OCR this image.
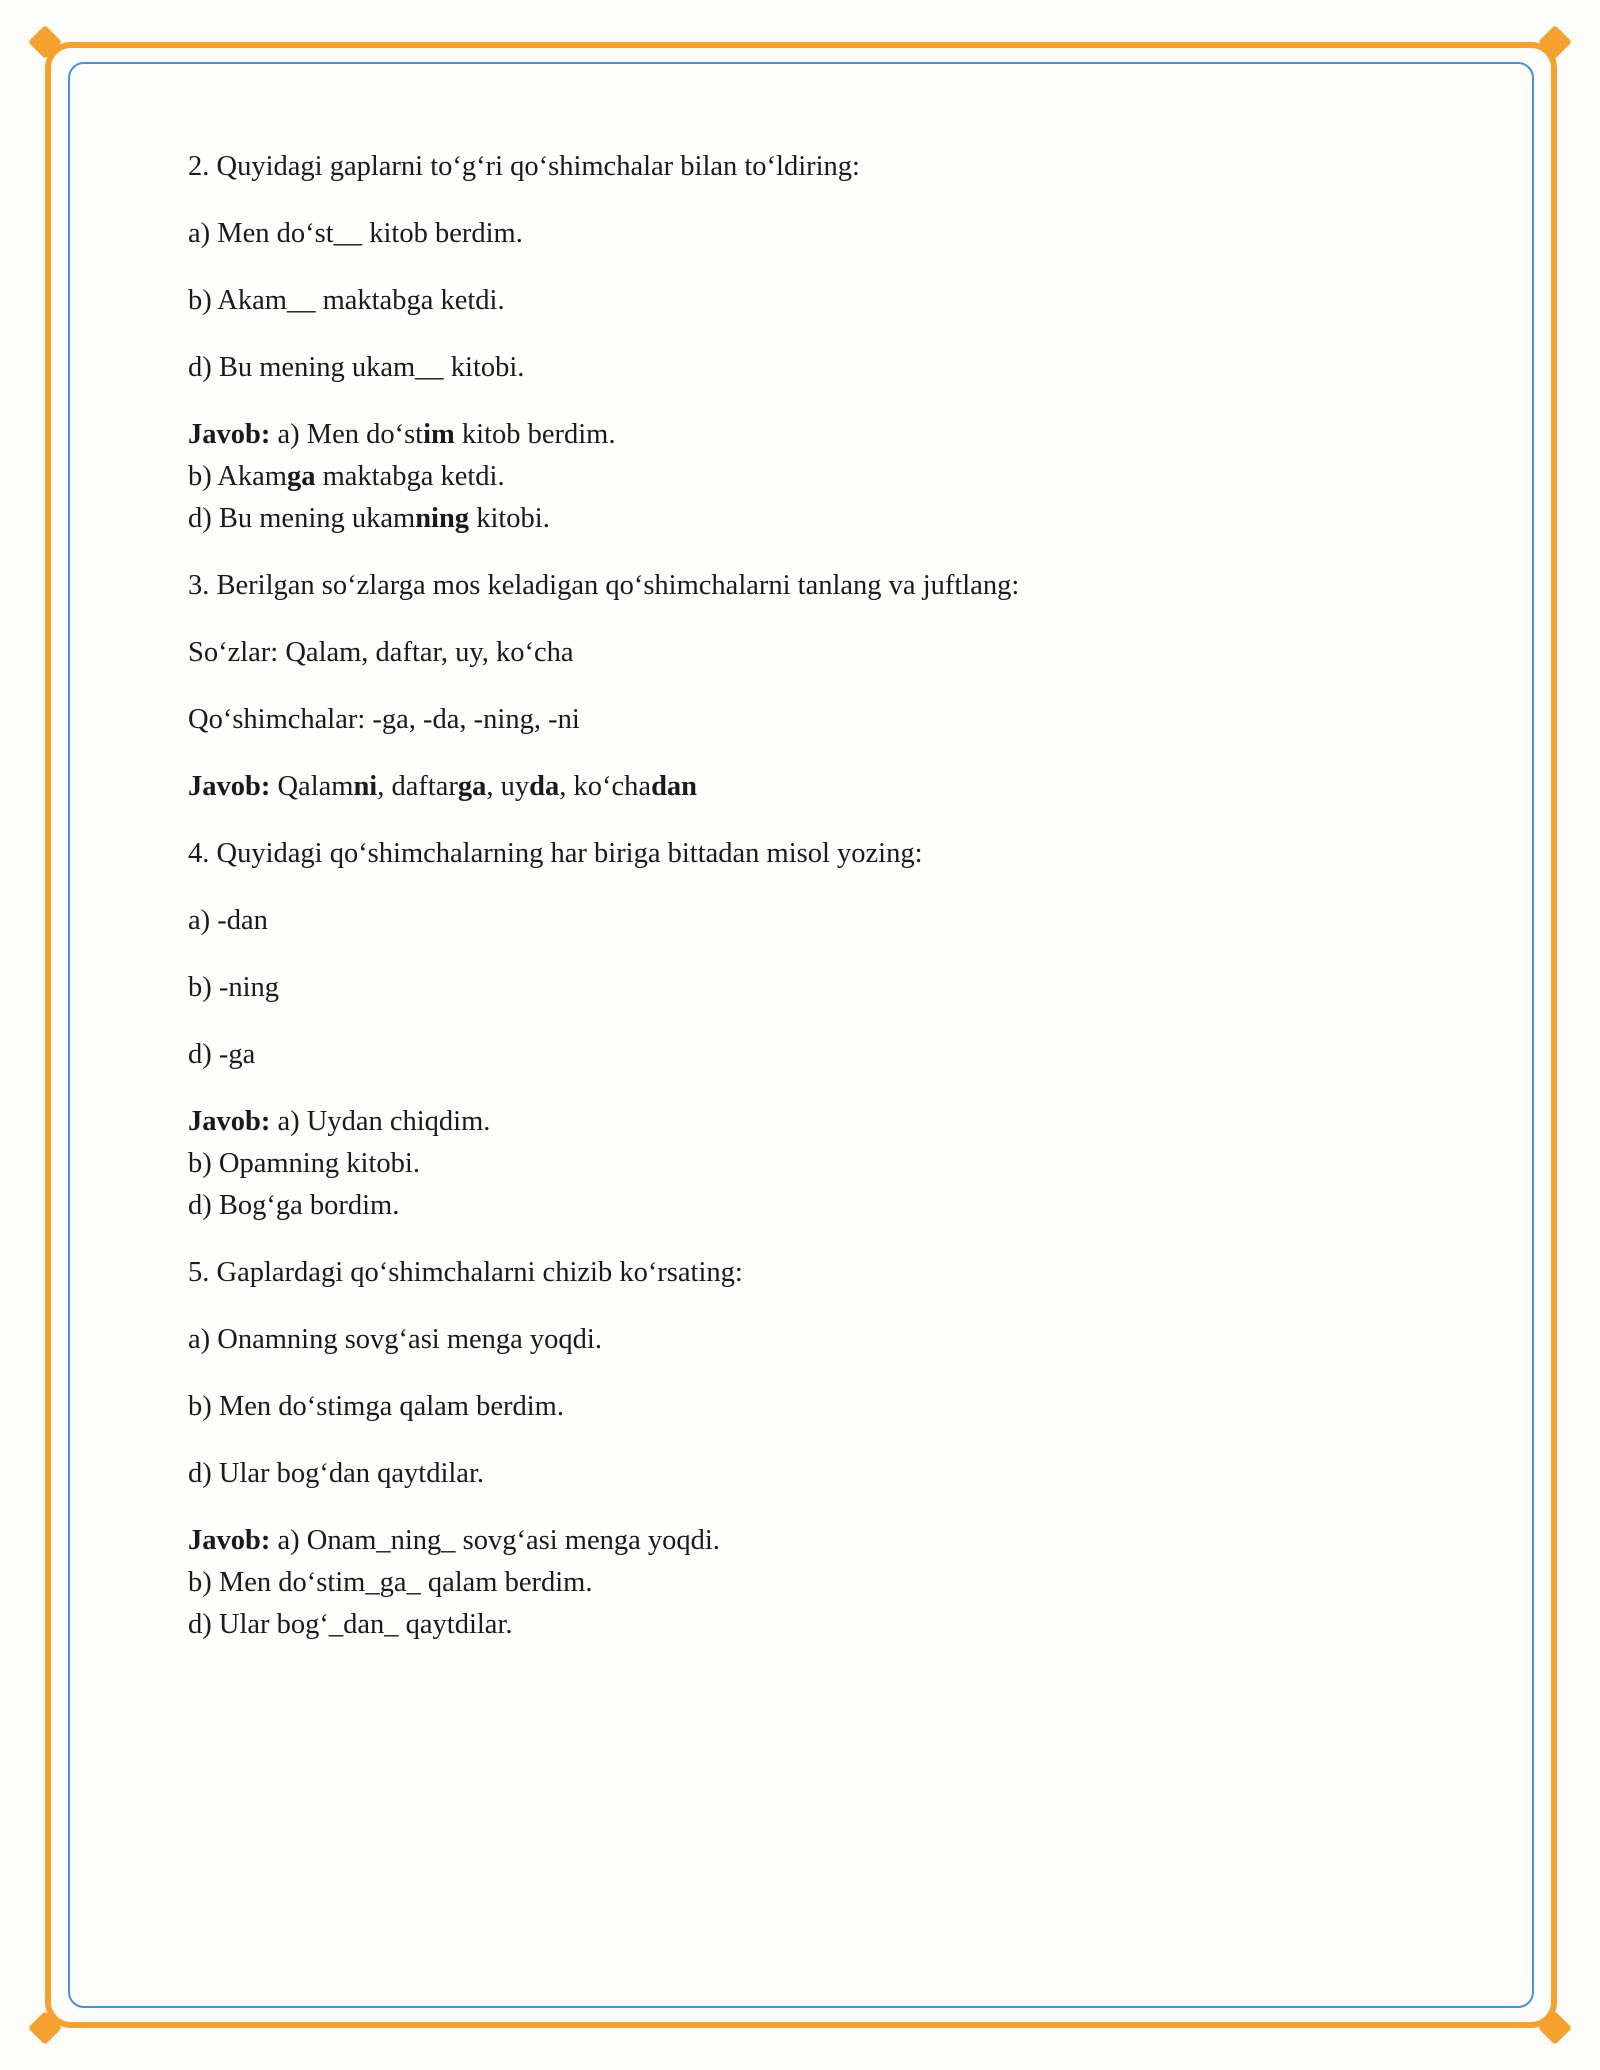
2. Quyidagi gaplarni to‘g‘ri qo‘shimchalar bilan to‘ldiring:

a) Men do‘st__ kitob berdim.

b) Akam__ maktabga ketdi.

d) Bu mening ukam__ kitobi.

Javob: a) Men do‘stim kitob berdim.

b) Akamga maktabga ketdi.

d) Bu mening ukamning kitobi.

3. Berilgan so‘zlarga mos keladigan qo‘shimchalarni tanlang va juftlang:

So‘zlar: Qalam, daftar, uy, ko‘cha

Qo‘shimchalar: -ga, -da, -ning, -ni

Javob: Qalamni, daftarga, uyda, ko‘chadan

4. Quyidagi qo‘shimchalarning har biriga bittadan misol yozing:

a) -dan

b) -ning

d) -ga

Javob: a) Uydan chiqdim.

b) Opamning kitobi.

d) Bog‘ga bordim.

5. Gaplardagi qo‘shimchalarni chizib ko‘rsating:

a) Onamning sovg‘asi menga yoqdi.

b) Men do‘stimga qalam berdim.

d) Ular bog‘dan qaytdilar.

Javob: a) Onam_ning_ sovg‘asi menga yoqdi.

b) Men do‘stim_ga_ qalam berdim.

d) Ular bog‘_dan_ qaytdilar.
